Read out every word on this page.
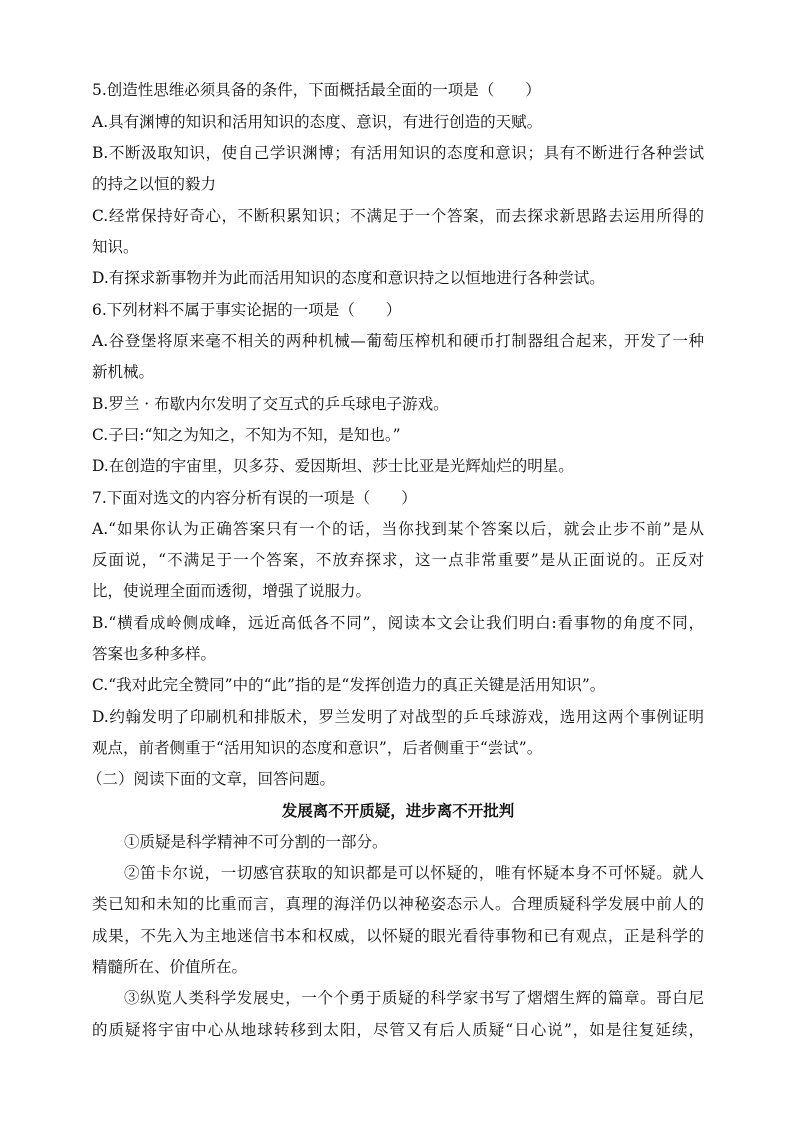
5.创造性思维必须具备的条件，下面概括最全面的一项是（　　）
A.具有渊博的知识和活用知识的态度、意识，有进行创造的天赋。
B.不断汲取知识，使自己学识渊博；有活用知识的态度和意识；具有不断进行各种尝试
的持之以恒的毅力
C.经常保持好奇心，不断积累知识；不满足于一个答案，而去探求新思路去运用所得的
知识。
D.有探求新事物并为此而活用知识的态度和意识持之以恒地进行各种尝试。
6.下列材料不属于事实论据的一项是（　　）
A.谷登堡将原来毫不相关的两种机械—葡萄压榨机和硬币打制器组合起来，开发了一种
新机械。
B.罗兰 · 布歇内尔发明了交互式的乒乓球电子游戏。
C.子曰:“知之为知之，不知为不知，是知也。”
D.在创造的宇宙里，贝多芬、爱因斯坦、莎士比亚是光辉灿烂的明星。
7.下面对选文的内容分析有误的一项是（　　）
A.“如果你认为正确答案只有一个的话，当你找到某个答案以后，就会止步不前”是从
反面说，“不满足于一个答案，不放弃探求，这一点非常重要”是从正面说的。正反对
比，使说理全面而透彻，增强了说服力。
B.“横看成岭侧成峰，远近高低各不同”，阅读本文会让我们明白:看事物的角度不同，
答案也多种多样。
C.“我对此完全赞同”中的“此”指的是“发挥创造力的真正关键是活用知识”。
D.约翰发明了印刷机和排版术，罗兰发明了对战型的乒乓球游戏，选用这两个事例证明
观点，前者侧重于“活用知识的态度和意识”，后者侧重于“尝试”。
（二）阅读下面的文章，回答问题。
发展离不开质疑，进步离不开批判
①质疑是科学精神不可分割的一部分。
②笛卡尔说，一切感官获取的知识都是可以怀疑的，唯有怀疑本身不可怀疑。就人
类已知和未知的比重而言，真理的海洋仍以神秘姿态示人。合理质疑科学发展中前人的
成果，不先入为主地迷信书本和权威，以怀疑的眼光看待事物和已有观点，正是科学的
精髓所在、价值所在。
③纵览人类科学发展史，一个个勇于质疑的科学家书写了熠熠生辉的篇章。哥白尼
的质疑将宇宙中心从地球转移到太阳，尽管又有后人质疑“日心说”，如是往复延续，
